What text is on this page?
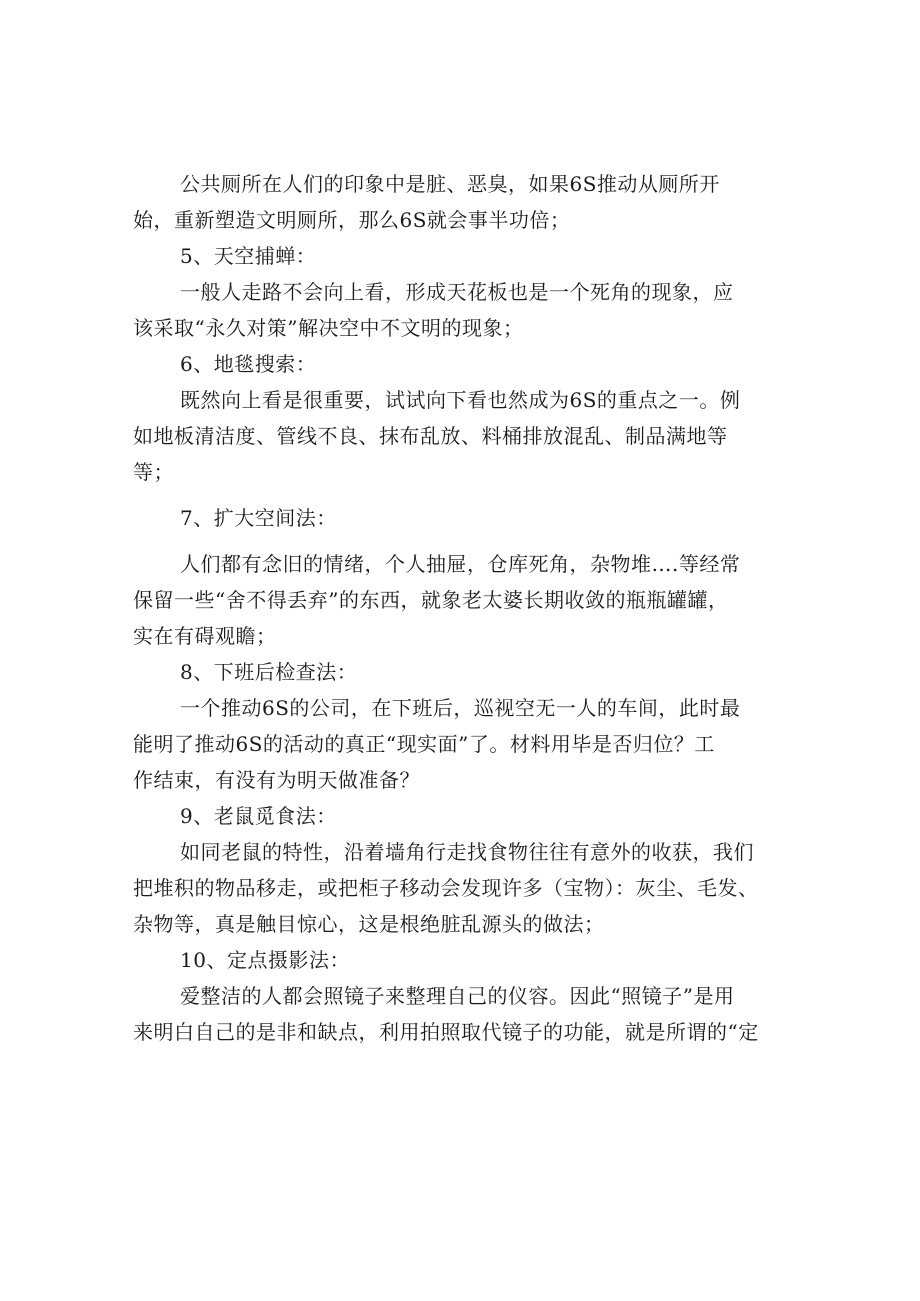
公共厕所在人们的印象中是脏、恶臭，如果6S推动从厕所开
始，重新塑造文明厕所，那么6S就会事半功倍；
5、天空捕蝉：
一般人走路不会向上看，形成天花板也是一个死角的现象，应
该采取“永久对策”解决空中不文明的现象；
6、地毯搜索：
既然向上看是很重要，试试向下看也然成为6S的重点之一。例
如地板清洁度、管线不良、抹布乱放、料桶排放混乱、制品满地等
等；
7、扩大空间法：
人们都有念旧的情绪，个人抽屉，仓库死角，杂物堆….等经常
保留一些“舍不得丢弃”的东西，就象老太婆长期收敛的瓶瓶罐罐，
实在有碍观瞻；
8、下班后检查法：
一个推动6S的公司，在下班后，巡视空无一人的车间，此时最
能明了推动6S的活动的真正“现实面”了。材料用毕是否归位？工
作结束，有没有为明天做准备？
9、老鼠觅食法：
如同老鼠的特性，沿着墙角行走找食物往往有意外的收获，我们
把堆积的物品移走，或把柜子移动会发现许多（宝物）：灰尘、毛发、
杂物等，真是触目惊心，这是根绝脏乱源头的做法；
10、定点摄影法：
爱整洁的人都会照镜子来整理自己的仪容。因此“照镜子”是用
来明白自己的是非和缺点，利用拍照取代镜子的功能，就是所谓的“定
